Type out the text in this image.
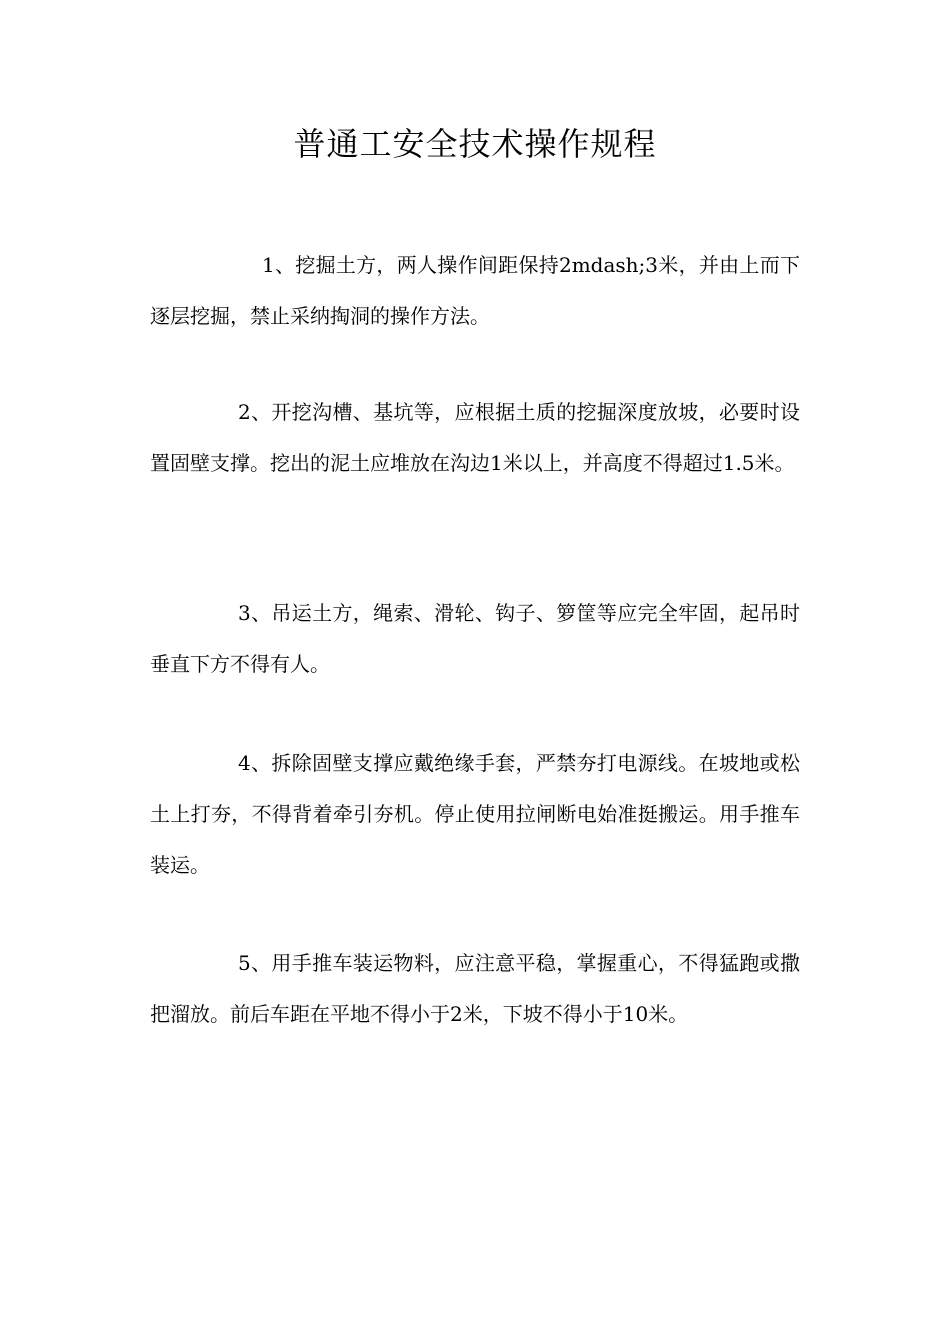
普通工安全技术操作规程

1、挖掘土方，两人操作间距保持2mdash;3米，并由上而下逐层挖掘，禁止采纳掏洞的操作方法。

2、开挖沟槽、基坑等，应根据土质的挖掘深度放坡，必要时设置固壁支撑。挖出的泥土应堆放在沟边1米以上，并高度不得超过1.5米。

3、吊运土方，绳索、滑轮、钩子、箩筐等应完全牢固，起吊时垂直下方不得有人。

4、拆除固壁支撑应戴绝缘手套，严禁夯打电源线。在坡地或松土上打夯，不得背着牵引夯机。停止使用拉闸断电始准挺搬运。用手推车装运。

5、用手推车装运物料，应注意平稳，掌握重心，不得猛跑或撒把溜放。前后车距在平地不得小于2米，下坡不得小于10米。
